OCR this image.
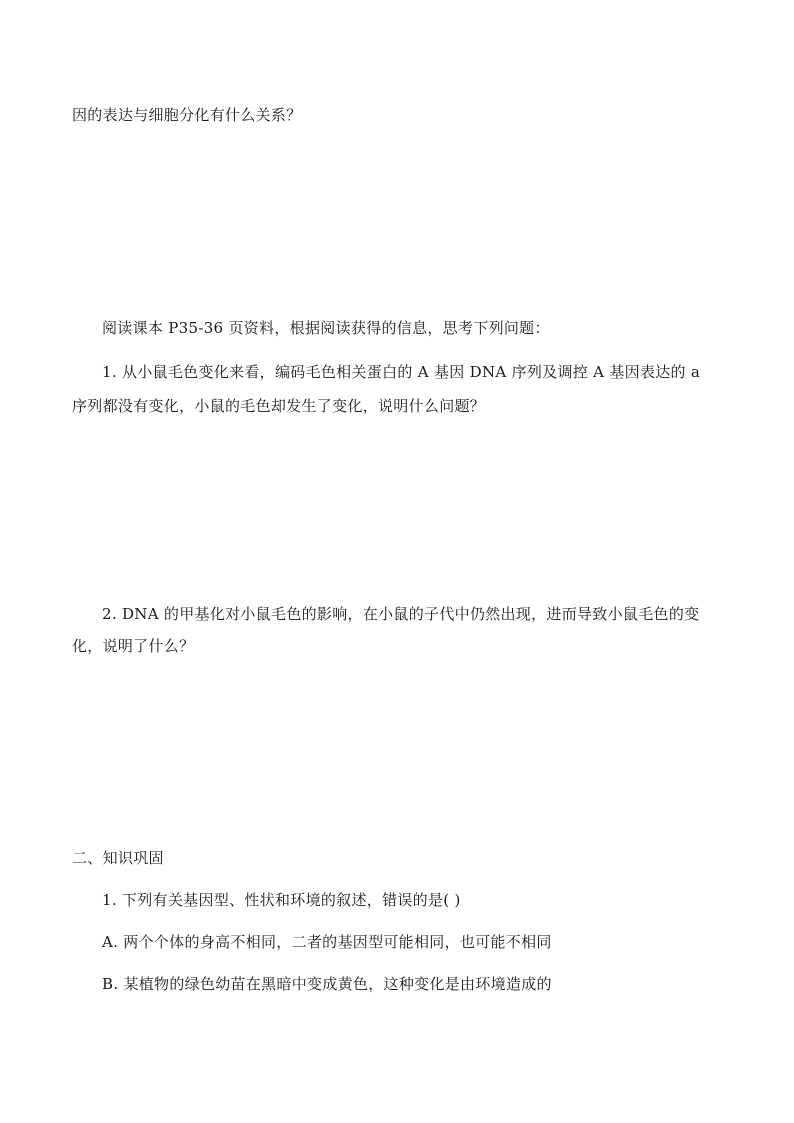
因的表达与细胞分化有什么关系？
阅读课本 P35-36 页资料，根据阅读获得的信息，思考下列问题：
1. 从小鼠毛色变化来看，编码毛色相关蛋白的 A 基因 DNA 序列及调控 A 基因表达的 a
序列都没有变化，小鼠的毛色却发生了变化，说明什么问题？
2. DNA 的甲基化对小鼠毛色的影响，在小鼠的子代中仍然出现，进而导致小鼠毛色的变
化，说明了什么？
二、知识巩固
1. 下列有关基因型、性状和环境的叙述，错误的是( )
A. 两个个体的身高不相同，二者的基因型可能相同，也可能不相同
B. 某植物的绿色幼苗在黑暗中变成黄色，这种变化是由环境造成的
